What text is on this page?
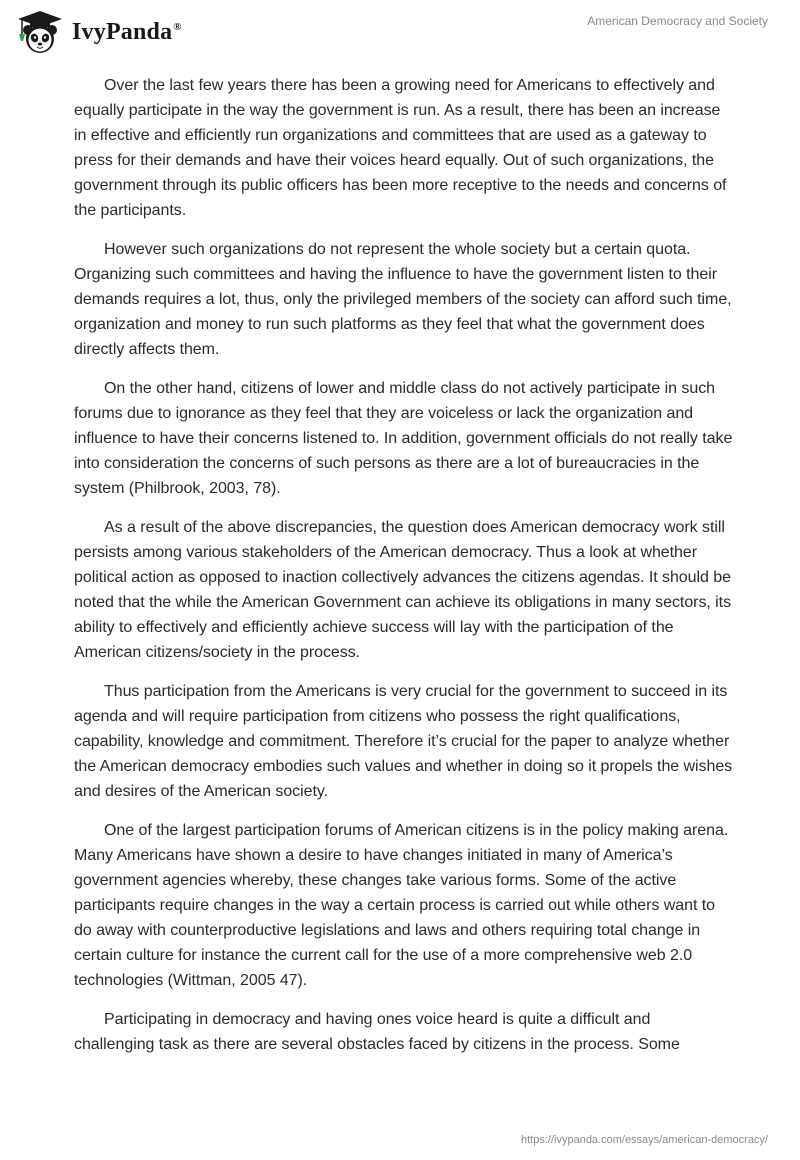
IvyPanda®	American Democracy and Society

Over the last few years there has been a growing need for Americans to effectively and equally participate in the way the government is run. As a result, there has been an increase in effective and efficiently run organizations and committees that are used as a gateway to press for their demands and have their voices heard equally. Out of such organizations, the government through its public officers has been more receptive to the needs and concerns of the participants.

However such organizations do not represent the whole society but a certain quota. Organizing such committees and having the influence to have the government listen to their demands requires a lot, thus, only the privileged members of the society can afford such time, organization and money to run such platforms as they feel that what the government does directly affects them.

On the other hand, citizens of lower and middle class do not actively participate in such forums due to ignorance as they feel that they are voiceless or lack the organization and influence to have their concerns listened to. In addition, government officials do not really take into consideration the concerns of such persons as there are a lot of bureaucracies in the system (Philbrook, 2003, 78).

As a result of the above discrepancies, the question does American democracy work still persists among various stakeholders of the American democracy. Thus a look at whether political action as opposed to inaction collectively advances the citizens agendas. It should be noted that the while the American Government can achieve its obligations in many sectors, its ability to effectively and efficiently achieve success will lay with the participation of the American citizens/society in the process.

Thus participation from the Americans is very crucial for the government to succeed in its agenda and will require participation from citizens who possess the right qualifications, capability, knowledge and commitment. Therefore it’s crucial for the paper to analyze whether the American democracy embodies such values and whether in doing so it propels the wishes and desires of the American society.

One of the largest participation forums of American citizens is in the policy making arena. Many Americans have shown a desire to have changes initiated in many of America’s government agencies whereby, these changes take various forms. Some of the active participants require changes in the way a certain process is carried out while others want to do away with counterproductive legislations and laws and others requiring total change in certain culture for instance the current call for the use of a more comprehensive web 2.0 technologies (Wittman, 2005 47).

Participating in democracy and having ones voice heard is quite a difficult and challenging task as there are several obstacles faced by citizens in the process. Some

https://ivypanda.com/essays/american-democracy/
